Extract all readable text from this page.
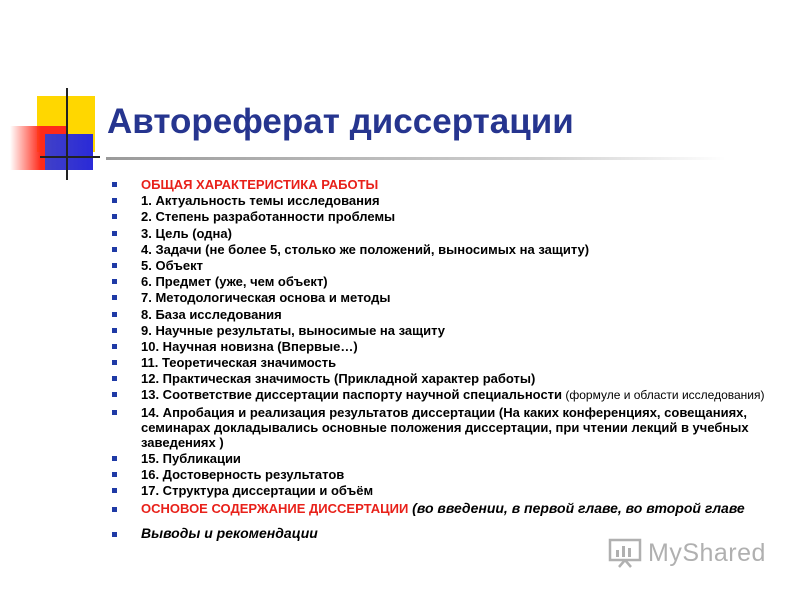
Автореферат диссертации
ОБЩАЯ ХАРАКТЕРИСТИКА РАБОТЫ
1. Актуальность темы исследования
2. Степень разработанности проблемы
3. Цель (одна)
4. Задачи (не более 5, столько же положений, выносимых на защиту)
5. Объект
6. Предмет (уже, чем объект)
7. Методологическая основа и методы
8. База исследования
9. Научные результаты, выносимые на защиту
10. Научная новизна (Впервые…)
11. Теоретическая значимость
12. Практическая значимость (Прикладной характер работы)
13. Соответствие диссертации паспорту научной специальности (формуле и области исследования)
14. Апробация и реализация результатов диссертации (На каких конференциях, совещаниях, семинарах докладывались основные положения диссертации, при чтении лекций в учебных заведениях )
15. Публикации
16. Достоверность результатов
17. Структура диссертации и объём
ОСНОВОЕ СОДЕРЖАНИЕ ДИССЕРТАЦИИ (во введении, в первой главе, во второй главе
Выводы и рекомендации
MyShared
